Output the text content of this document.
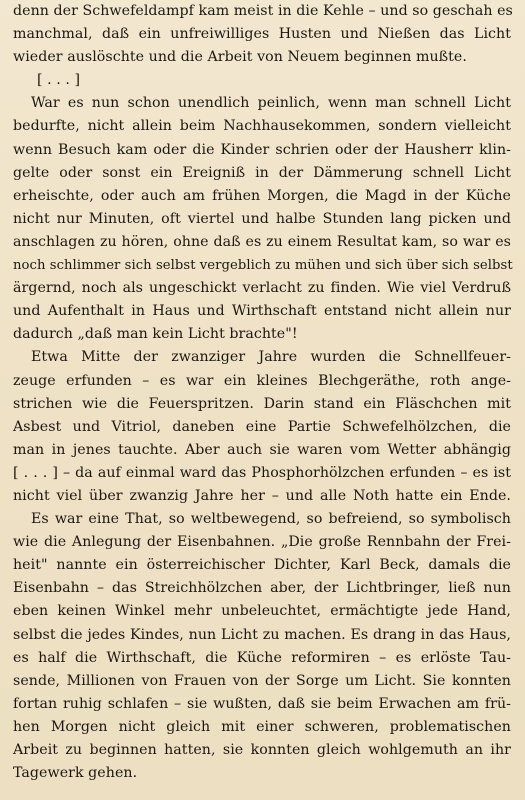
denn der Schwefeldampf kam meist in die Kehle – und so geschah es
manchmal, daß ein unfreiwilliges Husten und Nießen das Licht
wieder auslöschte und die Arbeit von Neuem beginnen mußte.
[ . . . ]
War es nun schon unendlich peinlich, wenn man schnell Licht
bedurfte, nicht allein beim Nachhausekommen, sondern vielleicht
wenn Besuch kam oder die Kinder schrien oder der Hausherr klin-
gelte oder sonst ein Ereigniß in der Dämmerung schnell Licht
erheischte, oder auch am frühen Morgen, die Magd in der Küche
nicht nur Minuten, oft viertel und halbe Stunden lang picken und
anschlagen zu hören, ohne daß es zu einem Resultat kam, so war es
noch schlimmer sich selbst vergeblich zu mühen und sich über sich selbst
ärgernd, noch als ungeschickt verlacht zu finden. Wie viel Verdruß
und Aufenthalt in Haus und Wirthschaft entstand nicht allein nur
dadurch „daß man kein Licht brachte"!
Etwa Mitte der zwanziger Jahre wurden die Schnellfeuer-
zeuge erfunden – es war ein kleines Blechgeräthe, roth ange-
strichen wie die Feuerspritzen. Darin stand ein Fläschchen mit
Asbest und Vitriol, daneben eine Partie Schwefelhölzchen, die
man in jenes tauchte. Aber auch sie waren vom Wetter abhängig
[ . . . ] – da auf einmal ward das Phosphorhölzchen erfunden – es ist
nicht viel über zwanzig Jahre her – und alle Noth hatte ein Ende.
Es war eine That, so weltbewegend, so befreiend, so symbolisch
wie die Anlegung der Eisenbahnen. „Die große Rennbahn der Frei-
heit" nannte ein österreichischer Dichter, Karl Beck, damals die
Eisenbahn – das Streichhölzchen aber, der Lichtbringer, ließ nun
eben keinen Winkel mehr unbeleuchtet, ermächtigte jede Hand,
selbst die jedes Kindes, nun Licht zu machen. Es drang in das Haus,
es half die Wirthschaft, die Küche reformiren – es erlöste Tau-
sende, Millionen von Frauen von der Sorge um Licht. Sie konnten
fortan ruhig schlafen – sie wußten, daß sie beim Erwachen am frü-
hen Morgen nicht gleich mit einer schweren, problematischen
Arbeit zu beginnen hatten, sie konnten gleich wohlgemuth an ihr
Tagewerk gehen.
